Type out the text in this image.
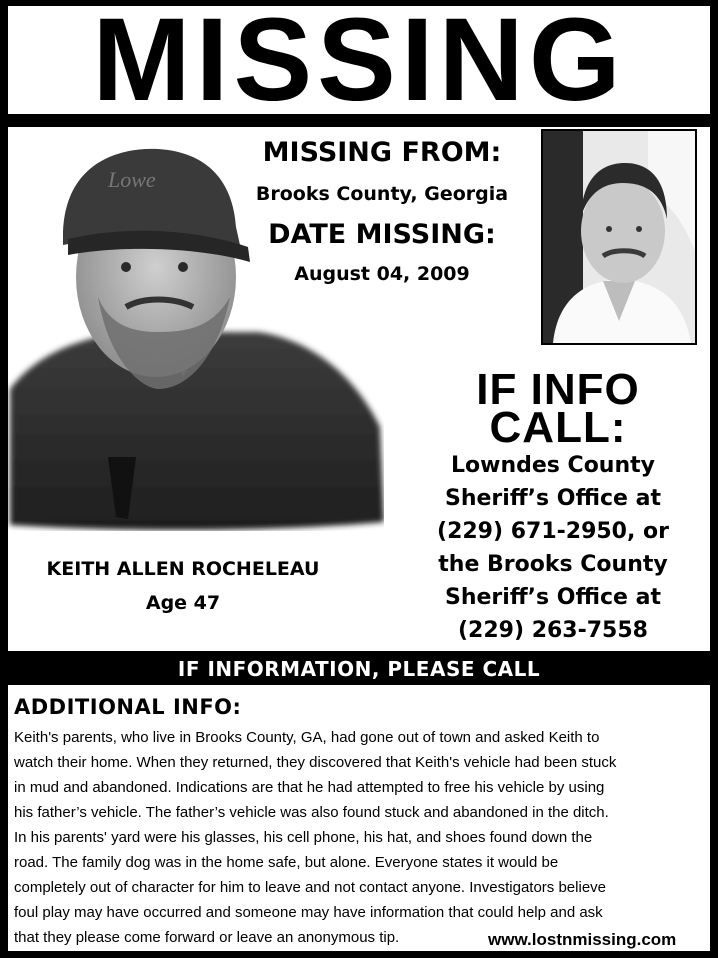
MISSING
Lowe
MISSING FROM:
Brooks County, Georgia
DATE MISSING:
August 04, 2009
IF INFO
CALL:
Lowndes County
Sheriff’s Office at
(229) 671-2950, or
the Brooks County
Sheriff’s Office at
(229) 263-7558
KEITH ALLEN ROCHELEAU
Age 47
IF INFORMATION, PLEASE CALL
ADDITIONAL INFO:
Keith's parents, who live in Brooks County, GA, had gone out of town and asked Keith to
watch their home. When they returned, they discovered that Keith's vehicle had been stuck
in mud and abandoned. Indications are that he had attempted to free his vehicle by using
his father’s vehicle. The father’s vehicle was also found stuck and abandoned in the ditch.
In his parents' yard were his glasses, his cell phone, his hat, and shoes found down the
road. The family dog was in the home safe, but alone. Everyone states it would be
completely out of character for him to leave and not contact anyone. Investigators believe
foul play may have occurred and someone may have information that could help and ask
that they please come forward or leave an anonymous tip.	www.lostnmissing.com
